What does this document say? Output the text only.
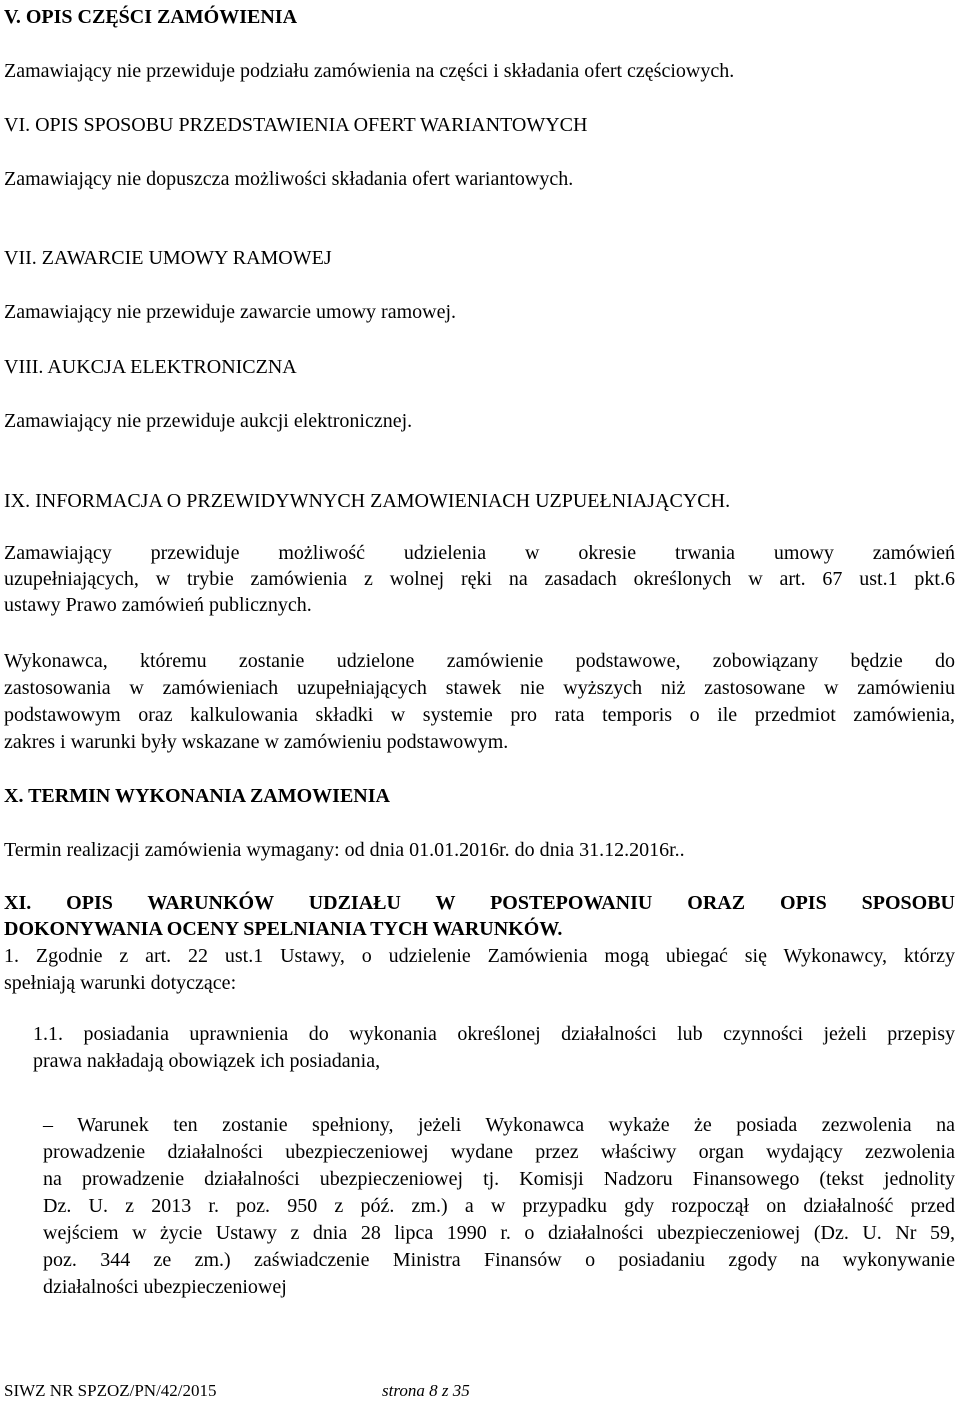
V. OPIS CZĘŚCI ZAMÓWIENIA
Zamawiający nie przewiduje podziału zamówienia na części i składania ofert częściowych.
VI. OPIS SPOSOBU PRZEDSTAWIENIA OFERT WARIANTOWYCH
Zamawiający nie dopuszcza możliwości składania ofert wariantowych.
VII. ZAWARCIE UMOWY RAMOWEJ
Zamawiający nie przewiduje zawarcie umowy ramowej.
VIII. AUKCJA ELEKTRONICZNA
Zamawiający nie przewiduje aukcji elektronicznej.
IX. INFORMACJA O PRZEWIDYWNYCH ZAMOWIENIACH UZPUEŁNIAJĄCYCH.
Zamawiający przewiduje możliwość udzielenia w okresie trwania umowy zamówień
uzupełniających, w trybie zamówienia z wolnej ręki na zasadach określonych w art. 67 ust.1 pkt.6
ustawy Prawo zamówień publicznych.
Wykonawca, któremu zostanie udzielone zamówienie podstawowe, zobowiązany będzie do
zastosowania w zamówieniach uzupełniających stawek nie wyższych niż zastosowane w zamówieniu
podstawowym oraz kalkulowania składki w systemie pro rata temporis o ile przedmiot zamówienia,
zakres i warunki były wskazane w zamówieniu podstawowym.
X. TERMIN WYKONANIA ZAMOWIENIA
Termin realizacji zamówienia wymagany: od dnia 01.01.2016r. do dnia 31.12.2016r..
XI. OPIS WARUNKÓW UDZIAŁU W POSTEPOWANIU ORAZ OPIS SPOSOBU
DOKONYWANIA OCENY SPELNIANIA TYCH WARUNKÓW.
1. Zgodnie z art. 22 ust.1 Ustawy, o udzielenie Zamówienia mogą ubiegać się Wykonawcy, którzy
spełniają warunki dotyczące:
1.1. posiadania uprawnienia do wykonania określonej działalności lub czynności jeżeli przepisy
prawa nakładają obowiązek ich posiadania,
– Warunek ten zostanie spełniony, jeżeli Wykonawca wykaże że posiada zezwolenia na
prowadzenie działalności ubezpieczeniowej wydane przez właściwy organ wydający zezwolenia
na prowadzenie działalności ubezpieczeniowej tj. Komisji Nadzoru Finansowego (tekst jednolity
Dz. U. z 2013 r. poz. 950 z póź. zm.) a w przypadku gdy rozpoczął on działalność przed
wejściem w życie Ustawy z dnia 28 lipca 1990 r. o działalności ubezpieczeniowej (Dz. U. Nr 59,
poz. 344 ze zm.) zaświadczenie Ministra Finansów o posiadaniu zgody na wykonywanie
działalności ubezpieczeniowej
SIWZ NR SPZOZ/PN/42/2015	strona 8 z 35
